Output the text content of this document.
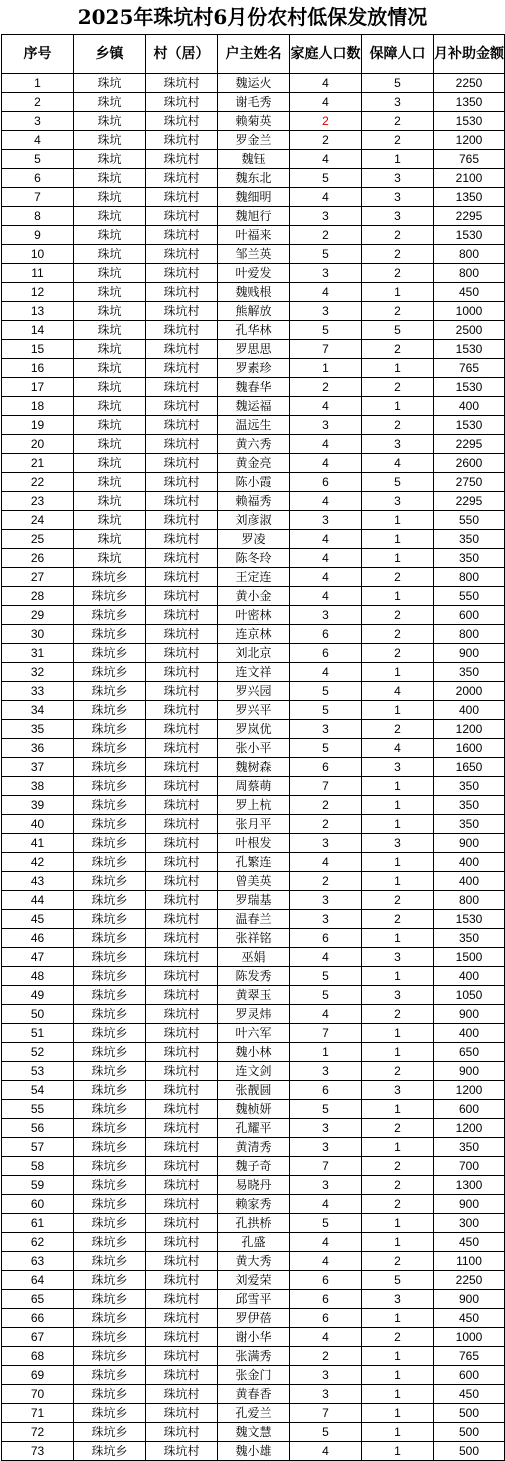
2025年珠坑村6月份农村低保发放情况
序号	乡镇	村（居）	户主姓名	家庭人口数	保障人口	月补助金额
1	珠坑	珠坑村	魏运火	4	5	2250
2	珠坑	珠坑村	谢毛秀	4	3	1350
3	珠坑	珠坑村	赖菊英	2	2	1530
4	珠坑	珠坑村	罗金兰	2	2	1200
5	珠坑	珠坑村	魏钰	4	1	765
6	珠坑	珠坑村	魏东北	5	3	2100
7	珠坑	珠坑村	魏细明	4	3	1350
8	珠坑	珠坑村	魏旭行	3	3	2295
9	珠坑	珠坑村	叶福来	2	2	1530
10	珠坑	珠坑村	邹兰英	5	2	800
11	珠坑	珠坑村	叶爱发	3	2	800
12	珠坑	珠坑村	魏贱根	4	1	450
13	珠坑	珠坑村	熊解放	3	2	1000
14	珠坑	珠坑村	孔华林	5	5	2500
15	珠坑	珠坑村	罗思思	7	2	1530
16	珠坑	珠坑村	罗素珍	1	1	765
17	珠坑	珠坑村	魏春华	2	2	1530
18	珠坑	珠坑村	魏运福	4	1	400
19	珠坑	珠坑村	温远生	3	2	1530
20	珠坑	珠坑村	黄六秀	4	3	2295
21	珠坑	珠坑村	黄金亮	4	4	2600
22	珠坑	珠坑村	陈小霞	6	5	2750
23	珠坑	珠坑村	赖福秀	4	3	2295
24	珠坑	珠坑村	刘彦淑	3	1	550
25	珠坑	珠坑村	罗凌	4	1	350
26	珠坑	珠坑村	陈冬玲	4	1	350
27	珠坑乡	珠坑村	王定连	4	2	800
28	珠坑乡	珠坑村	黄小金	4	1	550
29	珠坑乡	珠坑村	叶密林	3	2	600
30	珠坑乡	珠坑村	连京林	6	2	800
31	珠坑乡	珠坑村	刘北京	6	2	900
32	珠坑乡	珠坑村	连文祥	4	1	350
33	珠坑乡	珠坑村	罗兴园	5	4	2000
34	珠坑乡	珠坑村	罗兴平	5	1	400
35	珠坑乡	珠坑村	罗岚优	3	2	1200
36	珠坑乡	珠坑村	张小平	5	4	1600
37	珠坑乡	珠坑村	魏树森	6	3	1650
38	珠坑乡	珠坑村	周蔡萌	7	1	350
39	珠坑乡	珠坑村	罗上杭	2	1	350
40	珠坑乡	珠坑村	张月平	2	1	350
41	珠坑乡	珠坑村	叶根发	3	3	900
42	珠坑乡	珠坑村	孔繁连	4	1	400
43	珠坑乡	珠坑村	曾美英	2	1	400
44	珠坑乡	珠坑村	罗瑞基	3	2	800
45	珠坑乡	珠坑村	温春兰	3	2	1530
46	珠坑乡	珠坑村	张祥铭	6	1	350
47	珠坑乡	珠坑村	巫娟	4	3	1500
48	珠坑乡	珠坑村	陈发秀	5	1	400
49	珠坑乡	珠坑村	黄翠玉	5	3	1050
50	珠坑乡	珠坑村	罗灵炜	4	2	900
51	珠坑乡	珠坑村	叶六军	7	1	400
52	珠坑乡	珠坑村	魏小林	1	1	650
53	珠坑乡	珠坑村	连文剑	3	2	900
54	珠坑乡	珠坑村	张靓圆	6	3	1200
55	珠坑乡	珠坑村	魏桢妍	5	1	600
56	珠坑乡	珠坑村	孔耀平	3	2	1200
57	珠坑乡	珠坑村	黄清秀	3	1	350
58	珠坑乡	珠坑村	魏子奇	7	2	700
59	珠坑乡	珠坑村	易晓丹	3	2	1300
60	珠坑乡	珠坑村	赖家秀	4	2	900
61	珠坑乡	珠坑村	孔拱桥	5	1	300
62	珠坑乡	珠坑村	孔盛	4	1	450
63	珠坑乡	珠坑村	黄大秀	4	2	1100
64	珠坑乡	珠坑村	刘爱荣	6	5	2250
65	珠坑乡	珠坑村	邱雪平	6	3	900
66	珠坑乡	珠坑村	罗伊蓓	6	1	450
67	珠坑乡	珠坑村	谢小华	4	2	1000
68	珠坑乡	珠坑村	张满秀	2	1	765
69	珠坑乡	珠坑村	张金门	3	1	600
70	珠坑乡	珠坑村	黄春香	3	1	450
71	珠坑乡	珠坑村	孔爱兰	7	1	500
72	珠坑乡	珠坑村	魏文慧	5	1	500
73	珠坑乡	珠坑村	魏小雄	4	1	500
